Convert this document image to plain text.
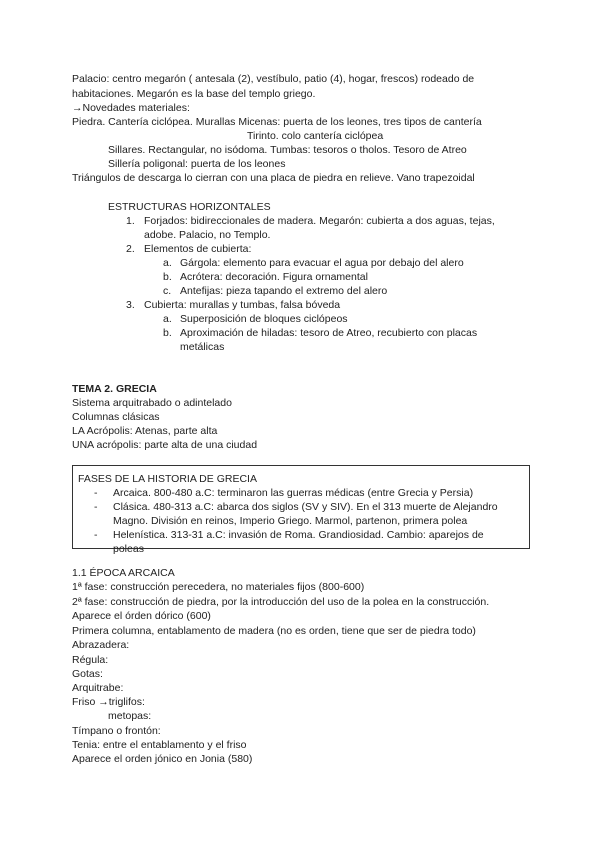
Palacio: centro megarón ( antesala (2), vestíbulo, patio (4), hogar, frescos) rodeado de
habitaciones. Megarón es la base del templo griego.
→Novedades materiales:
Piedra. Cantería ciclópea. Murallas Micenas: puerta de los leones, tres tipos de cantería
Tirinto. colo cantería ciclópea
Sillares. Rectangular, no isódoma. Tumbas: tesoros o tholos. Tesoro de Atreo
Sillería poligonal: puerta de los leones
Triángulos de descarga lo cierran con una placa de piedra en relieve. Vano trapezoidal
ESTRUCTURAS HORIZONTALES
1. Forjados: bidireccionales de madera. Megarón: cubierta a dos aguas, tejas,
adobe. Palacio, no Templo.
2. Elementos de cubierta:
a. Gárgola: elemento para evacuar el agua por debajo del alero
b. Acrótera: decoración. Figura ornamental
c. Antefijas: pieza tapando el extremo del alero
3. Cubierta: murallas y tumbas, falsa bóveda
a. Superposición de bloques ciclópeos
b. Aproximación de hiladas: tesoro de Atreo, recubierto con placas
metálicas
TEMA 2. GRECIA
Sistema arquitrabado o adintelado
Columnas clásicas
LA Acrópolis: Atenas, parte alta
UNA acrópolis: parte alta de una ciudad
FASES DE LA HISTORIA DE GRECIA
- Arcaica. 800-480 a.C: terminaron las guerras médicas (entre Grecia y Persia)
- Clásica. 480-313 a.C: abarca dos siglos (SV y SIV). En el 313 muerte de Alejandro
Magno. División en reinos, Imperio Griego. Marmol, partenon, primera polea
- Helenística. 313-31 a.C: invasión de Roma. Grandiosidad. Cambio: aparejos de
poleas
1.1 ÉPOCA ARCAICA
1ª fase: construcción perecedera, no materiales fijos (800-600)
2ª fase: construcción de piedra, por la introducción del uso de la polea en la construcción.
Aparece el órden dórico (600)
Primera columna, entablamento de madera (no es orden, tiene que ser de piedra todo)
Abrazadera:
Régula:
Gotas:
Arquitrabe:
Friso →triglifos:
metopas:
Tímpano o frontón:
Tenia: entre el entablamento y el friso
Aparece el orden jónico en Jonia (580)
